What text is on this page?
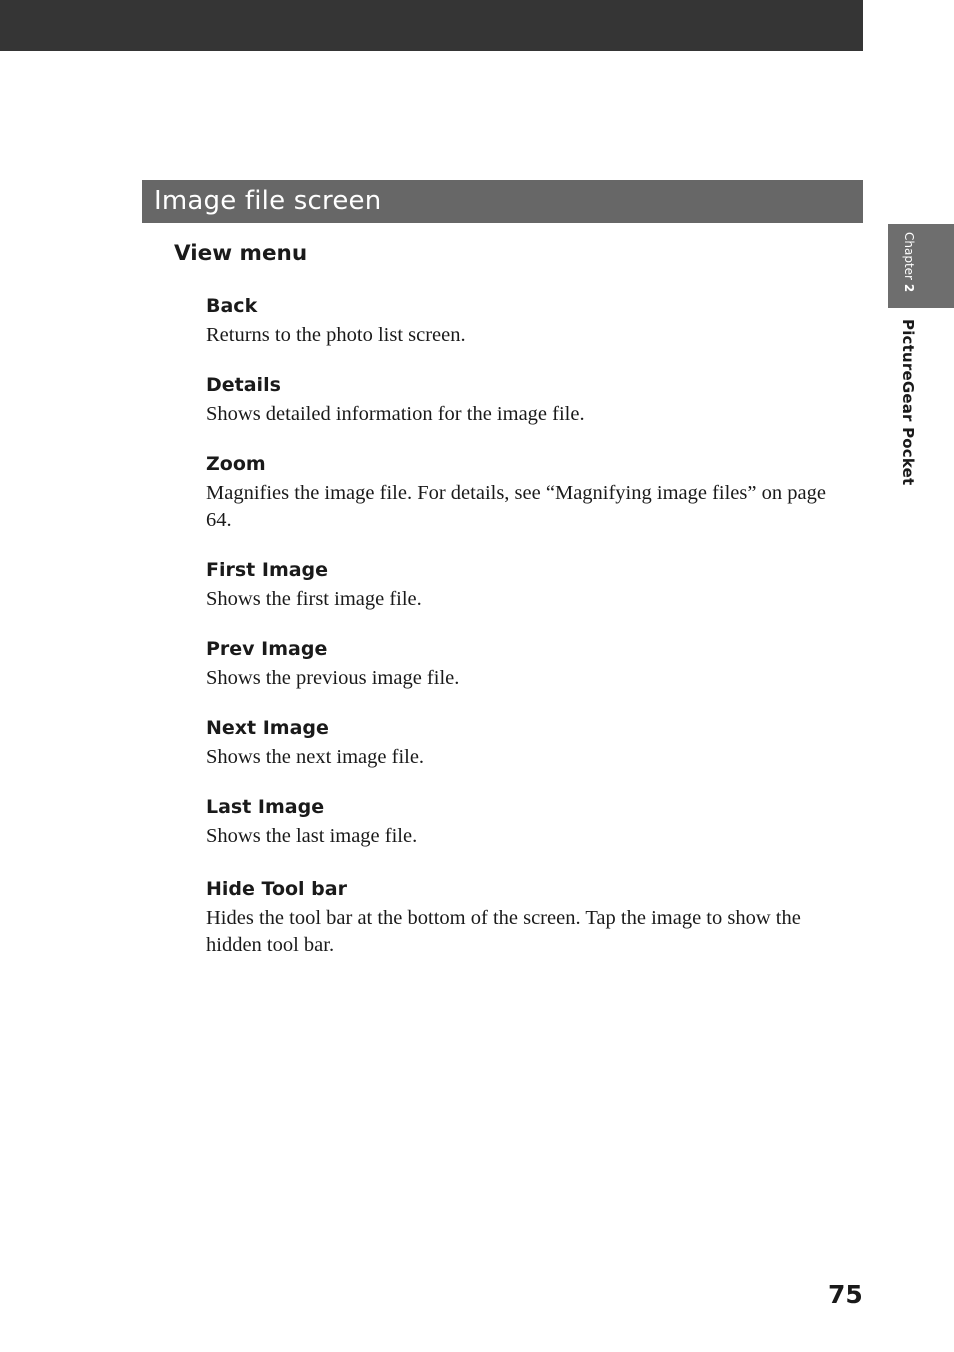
Image file screen
View menu
Back
Returns to the photo list screen.
Details
Shows detailed information for the image file.
Zoom
Magnifies the image file. For details, see “Magnifying image files” on page 64.
First Image
Shows the first image file.
Prev Image
Shows the previous image file.
Next Image
Shows the next image file.
Last Image
Shows the last image file.
Hide Tool bar
Hides the tool bar at the bottom of the screen. Tap the image to show the hidden tool bar.
Chapter 2
PictureGear Pocket
75
